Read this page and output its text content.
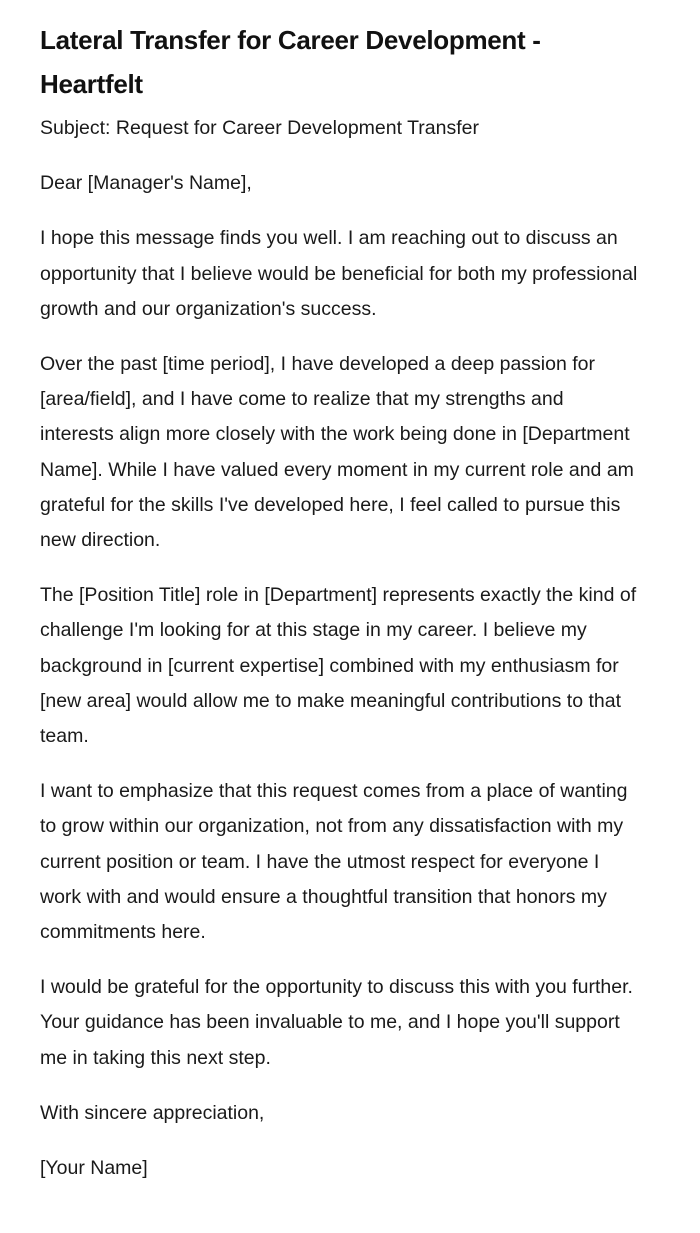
Lateral Transfer for Career Development - Heartfelt

Subject: Request for Career Development Transfer

Dear [Manager's Name],

I hope this message finds you well. I am reaching out to discuss an opportunity that I believe would be beneficial for both my professional growth and our organization's success.

Over the past [time period], I have developed a deep passion for [area/field], and I have come to realize that my strengths and interests align more closely with the work being done in [Department Name]. While I have valued every moment in my current role and am grateful for the skills I've developed here, I feel called to pursue this new direction.

The [Position Title] role in [Department] represents exactly the kind of challenge I'm looking for at this stage in my career. I believe my background in [current expertise] combined with my enthusiasm for [new area] would allow me to make meaningful contributions to that team.

I want to emphasize that this request comes from a place of wanting to grow within our organization, not from any dissatisfaction with my current position or team. I have the utmost respect for everyone I work with and would ensure a thoughtful transition that honors my commitments here.

I would be grateful for the opportunity to discuss this with you further. Your guidance has been invaluable to me, and I hope you'll support me in taking this next step.

With sincere appreciation,

[Your Name]
